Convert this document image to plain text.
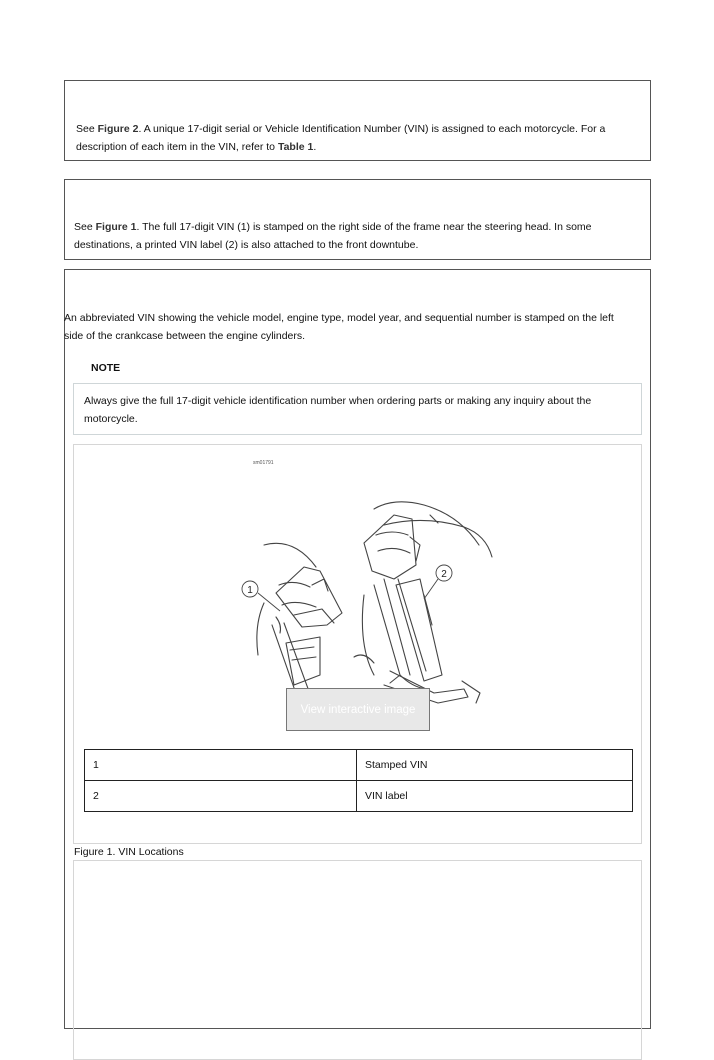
See Figure 2. A unique 17-digit serial or Vehicle Identification Number (VIN) is assigned to each motorcycle. For a
description of each item in the VIN, refer to Table 1.
See Figure 1. The full 17-digit VIN (1) is stamped on the right side of the frame near the steering head. In some
destinations, a printed VIN label (2) is also attached to the front downtube.
An abbreviated VIN showing the vehicle model, engine type, model year, and sequential number is stamped on the left
side of the crankcase between the engine cylinders.
NOTE
Always give the full 17-digit vehicle identification number when ordering parts or making any inquiry about the
motorcycle.
sm01791
1
2
View interactive image
1	Stamped VIN
2	VIN label
Figure 1. VIN Locations
